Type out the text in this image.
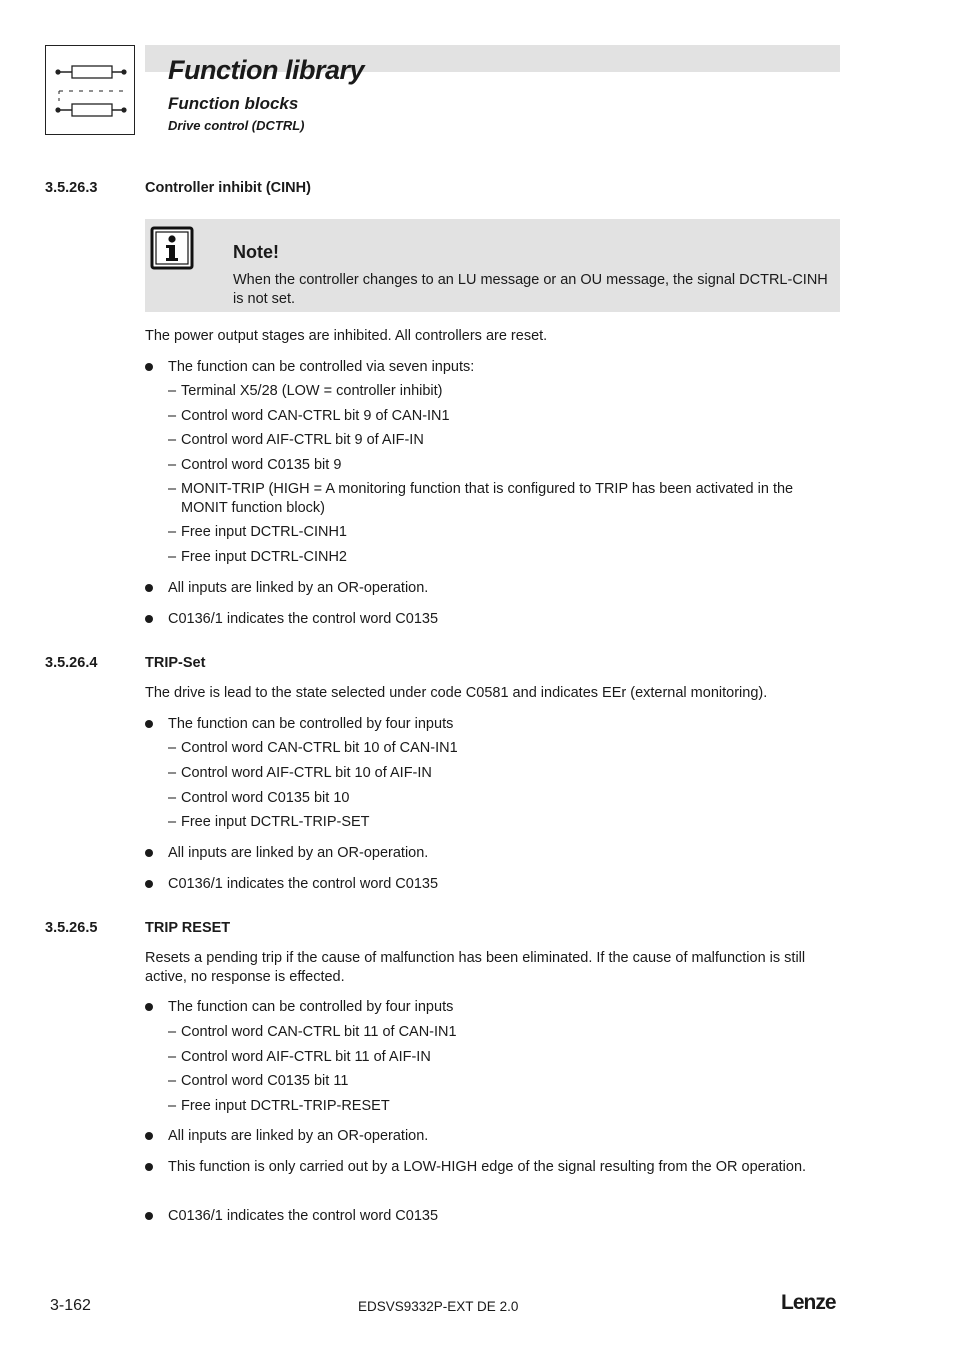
Function library
Function blocks
Drive control (DCTRL)
3.5.26.3	Controller inhibit (CINH)
Note!
When the controller changes to an LU message or an OU message, the signal DCTRL-CINH is not set.
The power output stages are inhibited. All controllers are reset.
The function can be controlled via seven inputs:
– Terminal X5/28 (LOW = controller inhibit)
– Control word CAN-CTRL bit 9 of CAN-IN1
– Control word AIF-CTRL bit 9 of AIF-IN
– Control word C0135 bit 9
– MONIT-TRIP (HIGH = A monitoring function that is configured to TRIP has been activated in the MONIT function block)
– Free input DCTRL-CINH1
– Free input DCTRL-CINH2
All inputs are linked by an OR-operation.
C0136/1 indicates the control word C0135
3.5.26.4	TRIP-Set
The drive is lead to the state selected under code C0581 and indicates EEr (external monitoring).
The function can be controlled by four inputs
– Control word CAN-CTRL bit 10 of CAN-IN1
– Control word AIF-CTRL bit 10 of AIF-IN
– Control word C0135 bit 10
– Free input DCTRL-TRIP-SET
All inputs are linked by an OR-operation.
C0136/1 indicates the control word C0135
3.5.26.5	TRIP RESET
Resets a pending trip if the cause of malfunction has been eliminated. If the cause of malfunction is still active, no response is effected.
The function can be controlled by four inputs
– Control word CAN-CTRL bit 11 of CAN-IN1
– Control word AIF-CTRL bit 11 of AIF-IN
– Control word C0135 bit 11
– Free input DCTRL-TRIP-RESET
All inputs are linked by an OR-operation.
This function is only carried out by a LOW-HIGH edge of the signal resulting from the OR operation.
C0136/1 indicates the control word C0135
3-162	EDSVS9332P-EXT DE 2.0	Lenze
